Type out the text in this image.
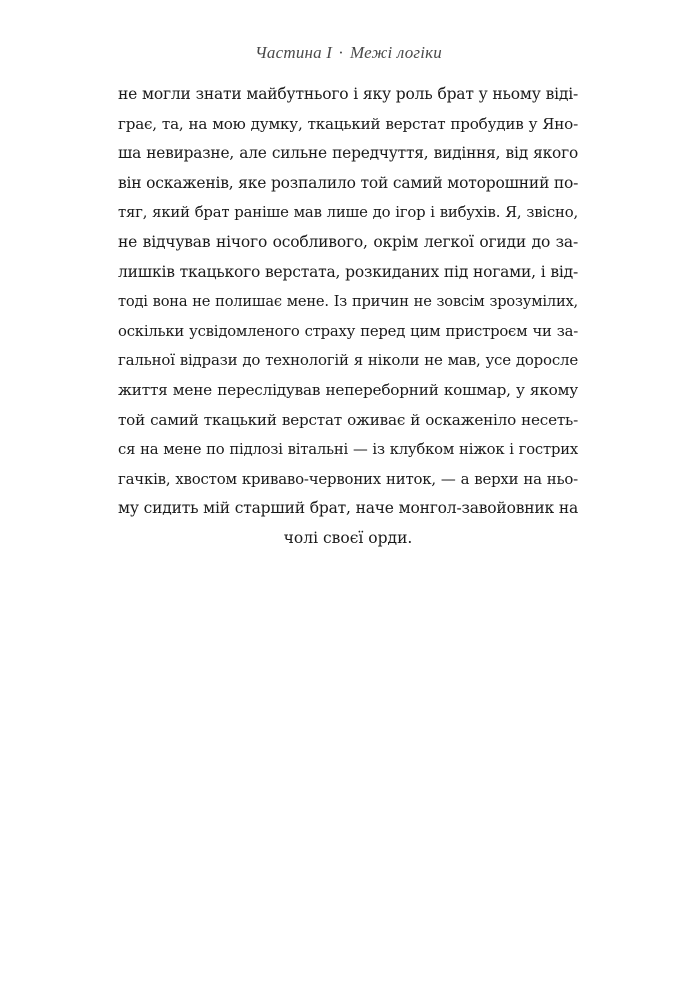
Частина I · Межі логіки
не могли знати майбутнього і яку роль брат у ньому віді-
грає, та, на мою думку, ткацький верстат пробудив у Яно-
ша невиразне, але сильне передчуття, видіння, від якого
він оскаженів, яке розпалило той самий моторошний по-
тяг, який брат раніше мав лише до ігор і вибухів. Я, звісно,
не відчував нічого особливого, окрім легкої огиди до за-
лишків ткацького верстата, розкиданих під ногами, і від-
тоді вона не полишає мене. Із причин не зовсім зрозумілих,
оскільки усвідомленого страху перед цим пристроєм чи за-
гальної відрази до технологій я ніколи не мав, усе доросле
життя мене переслідував непереборний кошмар, у якому
той самий ткацький верстат оживає й оскаженіло несеть-
ся на мене по підлозі вітальні — із клубком ніжок і гострих
гачків, хвостом криваво-червоних ниток, — а верхи на ньо-
му сидить мій старший брат, наче монгол-завойовник на
чолі своєї орди.
